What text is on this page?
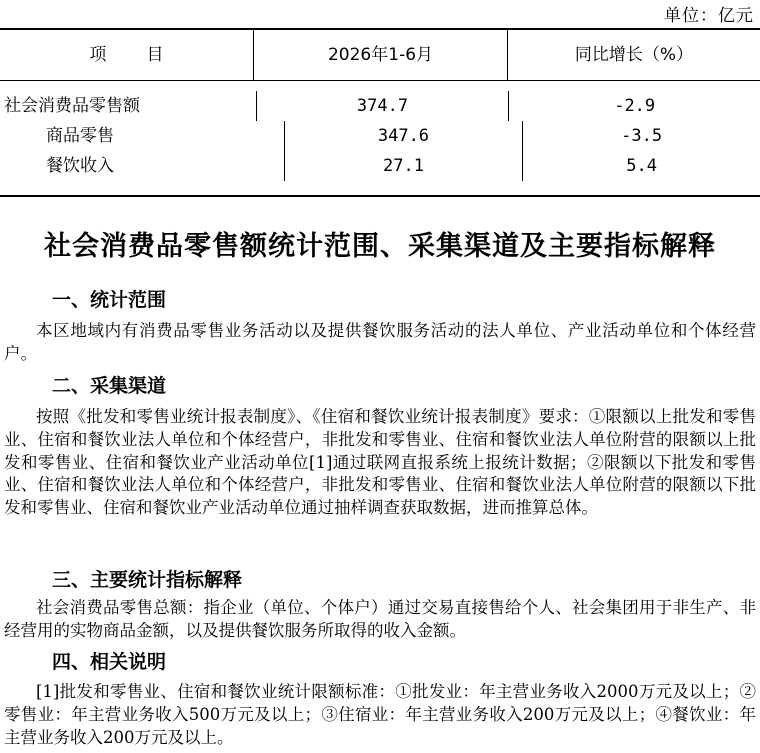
单位：亿元
项 目	2026年1-6月	同比增长（%）
社会消费品零售额	374.7	-2.9
商品零售	347.6	-3.5
餐饮收入	27.1	5.4
社会消费品零售额统计范围、采集渠道及主要指标解释
一、统计范围
本区地域内有消费品零售业务活动以及提供餐饮服务活动的法人单位、产业活动单位和个体经营户。
二、采集渠道
按照《批发和零售业统计报表制度》、《住宿和餐饮业统计报表制度》要求：①限额以上批发和零售业、住宿和餐饮业法人单位和个体经营户，非批发和零售业、住宿和餐饮业法人单位附营的限额以上批发和零售业、住宿和餐饮业产业活动单位[1]通过联网直报系统上报统计数据；②限额以下批发和零售业、住宿和餐饮业法人单位和个体经营户，非批发和零售业、住宿和餐饮业法人单位附营的限额以下批发和零售业、住宿和餐饮业产业活动单位通过抽样调查获取数据，进而推算总体。
三、主要统计指标解释
社会消费品零售总额：指企业（单位、个体户）通过交易直接售给个人、社会集团用于非生产、非经营用的实物商品金额，以及提供餐饮服务所取得的收入金额。
四、相关说明
[1]批发和零售业、住宿和餐饮业统计限额标准：①批发业：年主营业务收入2000万元及以上；②零售业：年主营业务收入500万元及以上；③住宿业：年主营业务收入200万元及以上；④餐饮业：年主营业务收入200万元及以上。
